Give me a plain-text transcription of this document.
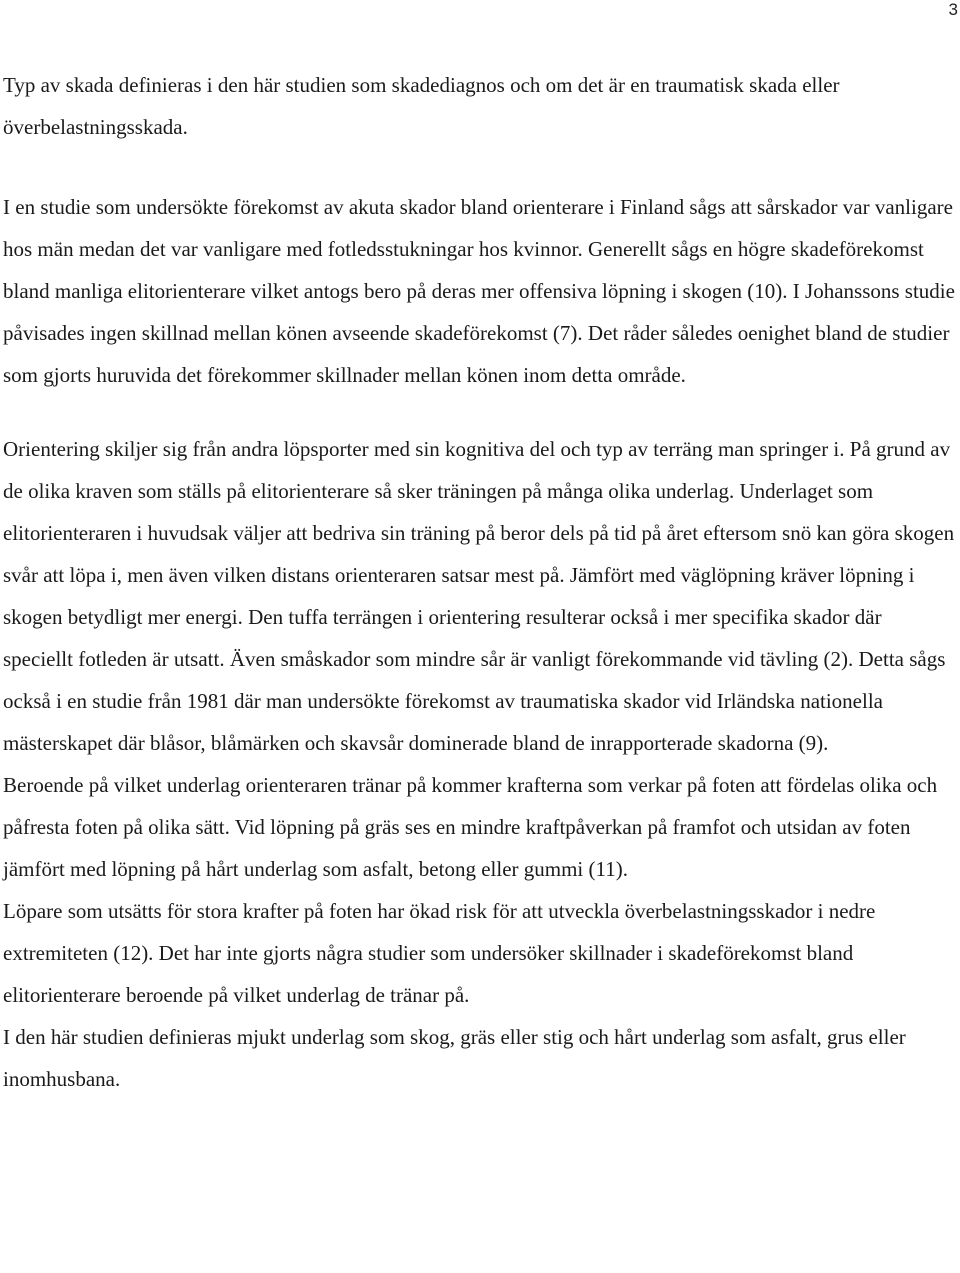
3

Typ av skada definieras i den här studien som skadediagnos och om det är en traumatisk skada eller överbelastningsskada.

I en studie som undersökte förekomst av akuta skador bland orienterare i Finland sågs att sårskador var vanligare hos män medan det var vanligare med fotledsstukningar hos kvinnor. Generellt sågs en högre skadeförekomst bland manliga elitorienterare vilket antogs bero på deras mer offensiva löpning i skogen (10). I Johanssons studie påvisades ingen skillnad mellan könen avseende skadeförekomst (7). Det råder således oenighet bland de studier som gjorts huruvida det förekommer skillnader mellan könen inom detta område.

Orientering skiljer sig från andra löpsporter med sin kognitiva del och typ av terräng man springer i. På grund av de olika kraven som ställs på elitorienterare så sker träningen på många olika underlag. Underlaget som elitorienteraren i huvudsak väljer att bedriva sin träning på beror dels på tid på året eftersom snö kan göra skogen svår att löpa i, men även vilken distans orienteraren satsar mest på. Jämfört med väglöpning kräver löpning i skogen betydligt mer energi. Den tuffa terrängen i orientering resulterar också i mer specifika skador där speciellt fotleden är utsatt. Även småskador som mindre sår är vanligt förekommande vid tävling (2). Detta sågs också i en studie från 1981 där man undersökte förekomst av traumatiska skador vid Irländska nationella mästerskapet där blåsor, blåmärken och skavsår dominerade bland de inrapporterade skadorna (9).

Beroende på vilket underlag orienteraren tränar på kommer krafterna som verkar på foten att fördelas olika och påfresta foten på olika sätt. Vid löpning på gräs ses en mindre kraftpåverkan på framfot och utsidan av foten jämfört med löpning på hårt underlag som asfalt, betong eller gummi (11).

Löpare som utsätts för stora krafter på foten har ökad risk för att utveckla överbelastningsskador i nedre extremiteten (12). Det har inte gjorts några studier som undersöker skillnader i skadeförekomst bland elitorienterare beroende på vilket underlag de tränar på.

I den här studien definieras mjukt underlag som skog, gräs eller stig och hårt underlag som asfalt, grus eller inomhusbana.
